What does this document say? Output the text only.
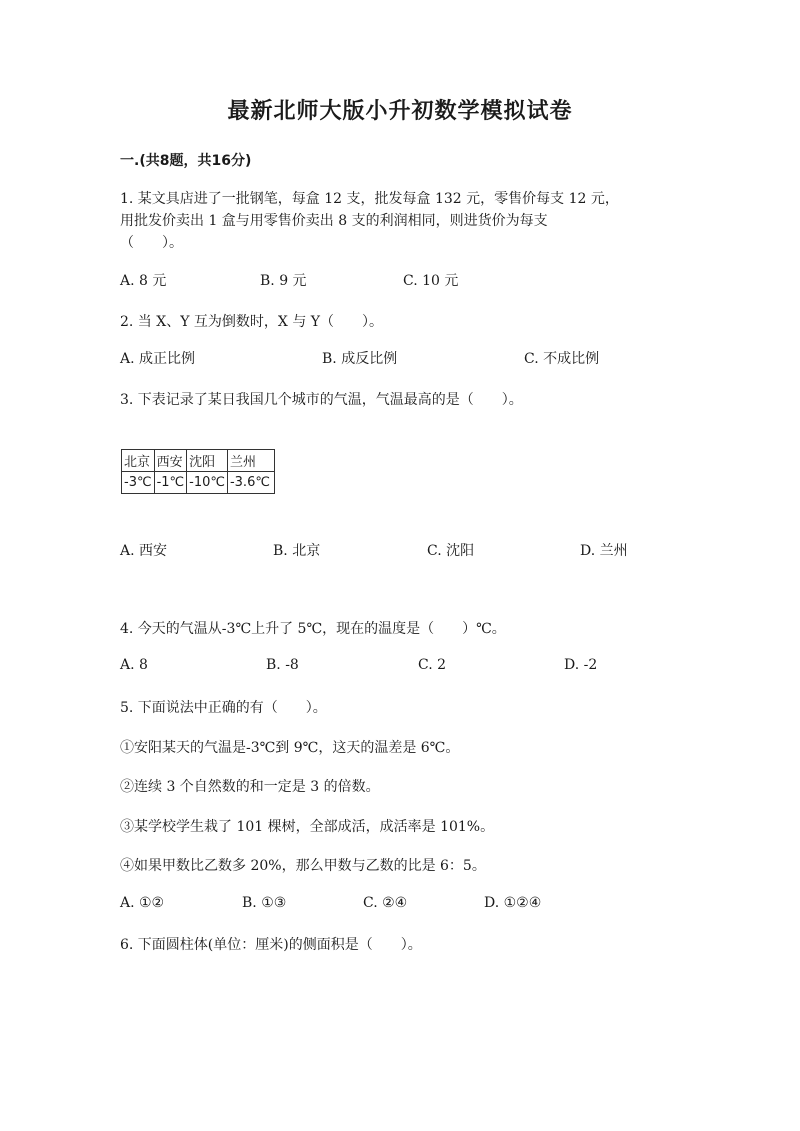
最新北师大版小升初数学模拟试卷
一.(共8题，共16分)
1. 某文具店进了一批钢笔，每盒 12 支，批发每盒 132 元，零售价每支 12 元，
用批发价卖出 1 盒与用零售价卖出 8 支的利润相同，则进货价为每支
（　　）。
A. 8 元	B. 9 元	C. 10 元
2. 当 X、Y 互为倒数时，X 与 Y（　　）。
A. 成正比例	B. 成反比例	C. 不成比例
3. 下表记录了某日我国几个城市的气温，气温最高的是（　　）。
北京	西安	沈阳	兰州
-3℃	-1℃	-10℃	-3.6℃
A. 西安	B. 北京	C. 沈阳	D. 兰州
4. 今天的气温从-3℃上升了 5℃，现在的温度是（　　）℃。
A. 8	B. -8	C. 2	D. -2
5. 下面说法中正确的有（　　）。
①安阳某天的气温是-3℃到 9℃，这天的温差是 6℃。
②连续 3 个自然数的和一定是 3 的倍数。
③某学校学生栽了 101 棵树，全部成活，成活率是 101%。
④如果甲数比乙数多 20%，那么甲数与乙数的比是 6：5。
A. ①②	B. ①③	C. ②④	D. ①②④
6. 下面圆柱体(单位：厘米)的侧面积是（　　）。
